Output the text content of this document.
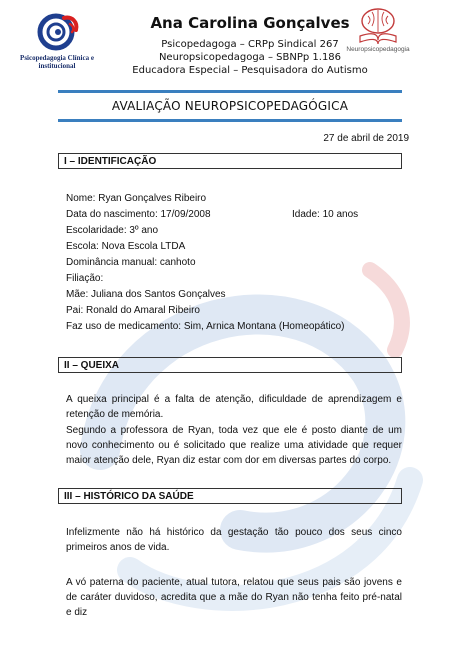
Psicopedagogia Clínica e institucional
Ana Carolina Gonçalves
Psicopedagoga – CRPp Sindical 267
Neuropsicopedagoga – SBNPp 1.186
Educadora Especial – Pesquisadora do Autismo
Neuropsicopedagogia
AVALIAÇÃO NEUROPSICOPEDAGÓGICA
27 de abril de 2019
I – IDENTIFICAÇÃO
Nome: Ryan Gonçalves Ribeiro
Data do nascimento: 17/09/2008	Idade: 10 anos
Escolaridade: 3º ano
Escola: Nova Escola LTDA
Dominância manual: canhoto
Filiação:
Mãe: Juliana dos Santos Gonçalves
Pai: Ronald do Amaral Ribeiro
Faz uso de medicamento: Sim, Arnica Montana (Homeopático)
II – QUEIXA
A queixa principal é a falta de atenção, dificuldade de aprendizagem e retenção de memória.
Segundo a professora de Ryan, toda vez que ele é posto diante de um novo conhecimento ou é solicitado que realize uma atividade que requer maior atenção dele, Ryan diz estar com dor em diversas partes do corpo.
III – HISTÓRICO DA SAÚDE
Infelizmente não há histórico da gestação tão pouco dos seus cinco primeiros anos de vida.
A vó paterna do paciente, atual tutora, relatou que seus pais são jovens e de caráter duvidoso, acredita que a mãe do Ryan não tenha feito pré-natal e diz
